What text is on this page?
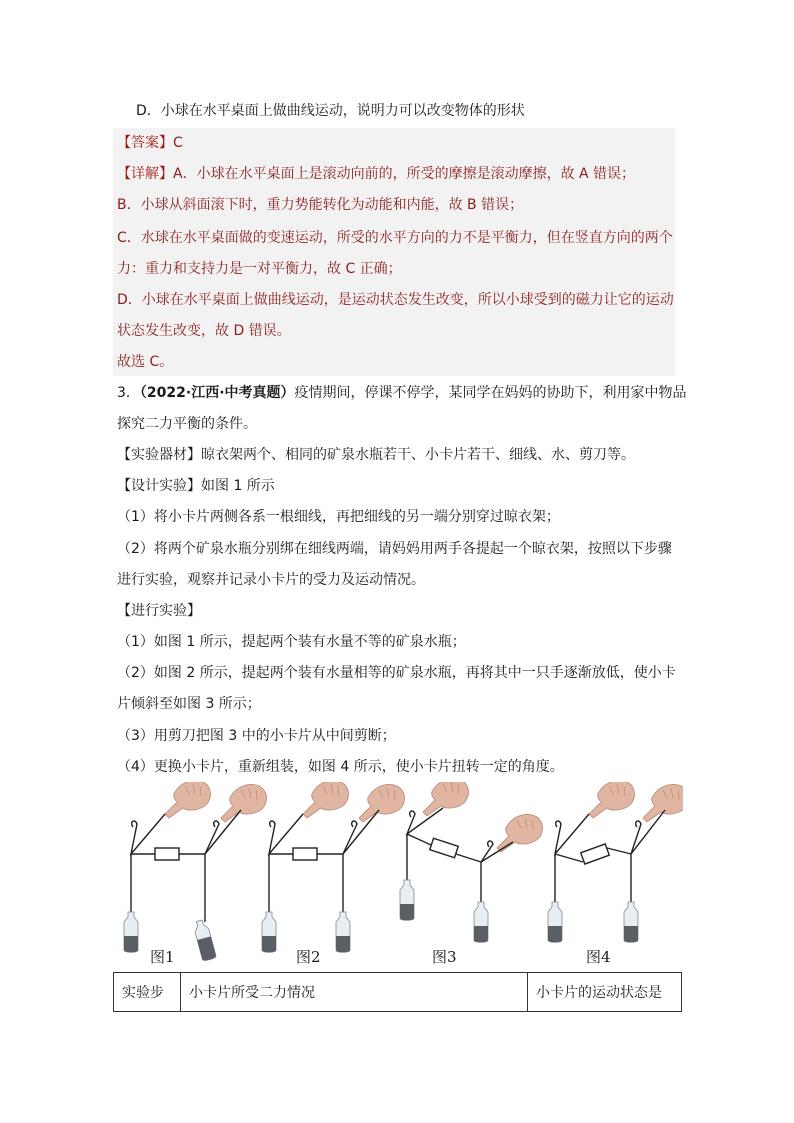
D．小球在水平桌面上做曲线运动，说明力可以改变物体的形状
【答案】C
【详解】A．小球在水平桌面上是滚动向前的，所受的摩擦是滚动摩擦，故 A 错误；
B．小球从斜面滚下时，重力势能转化为动能和内能，故 B 错误；
C．水球在水平桌面做的变速运动，所受的水平方向的力不是平衡力，但在竖直方向的两个
力：重力和支持力是一对平衡力，故 C 正确；
D．小球在水平桌面上做曲线运动，是运动状态发生改变，所以小球受到的磁力让它的运动
状态发生改变，故 D 错误。
故选 C。
3．（2022·江西·中考真题）疫情期间，停课不停学，某同学在妈妈的协助下，利用家中物品
探究二力平衡的条件。
【实验器材】晾衣架两个、相同的矿泉水瓶若干、小卡片若干、细线、水、剪刀等。
【设计实验】如图 1 所示
（1）将小卡片两侧各系一根细线，再把细线的另一端分别穿过晾衣架；
（2）将两个矿泉水瓶分别绑在细线两端，请妈妈用两手各提起一个晾衣架，按照以下步骤
进行实验，观察并记录小卡片的受力及运动情况。
【进行实验】
（1）如图 1 所示，提起两个装有水量不等的矿泉水瓶；
（2）如图 2 所示，提起两个装有水量相等的矿泉水瓶，再将其中一只手逐渐放低，使小卡
片倾斜至如图 3 所示；
（3）用剪刀把图 3 中的小卡片从中间剪断；
（4）更换小卡片，重新组装，如图 4 所示，使小卡片扭转一定的角度。
图1	图2	图3	图4
实验步	小卡片所受二力情况	小卡片的运动状态是
